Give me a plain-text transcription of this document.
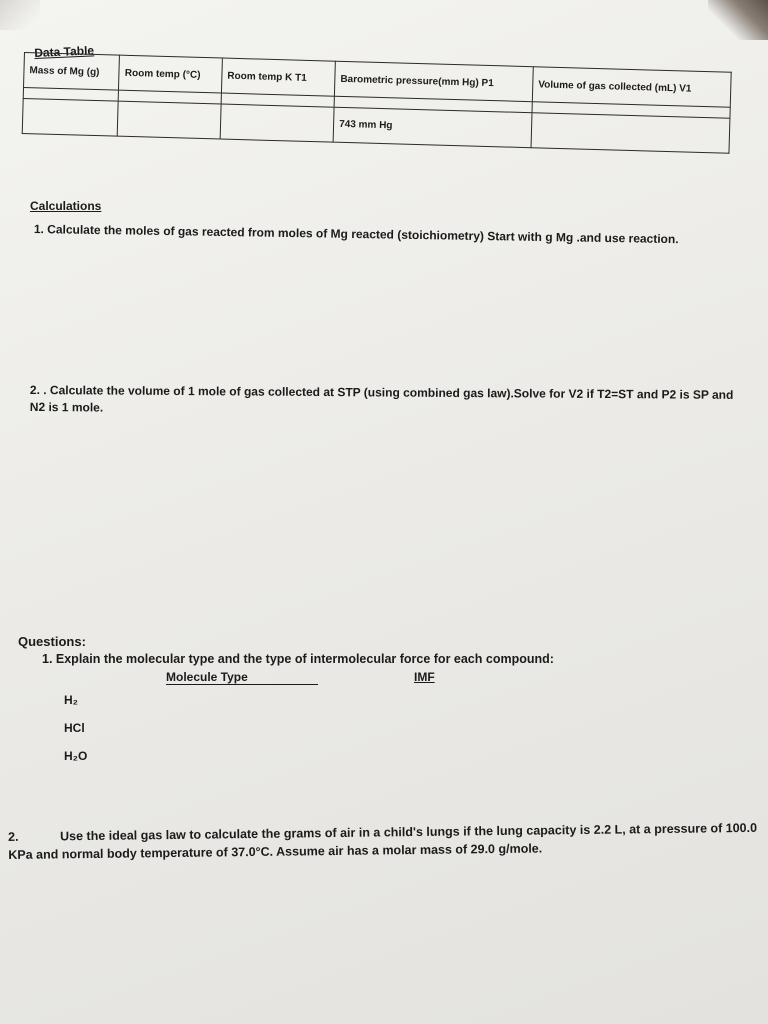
Data Table
Mass of Mg (g)	Room temp (°C)	Room temp K T1	Barometric pressure(mm Hg) P1	Volume of gas collected (mL) V1

			743 mm Hg	
Calculations
1. Calculate the moles of gas reacted from moles of Mg reacted (stoichiometry) Start with g Mg .and use reaction.
2. . Calculate the volume of 1 mole of gas collected at STP (using combined gas law).Solve for V2 if T2=ST and P2 is SP and N2 is 1 mole.
Questions:
1. Explain the molecular type and the type of intermolecular force for each compound:
Molecule Type	IMF
H₂
HCl
H₂O
2.	Use the ideal gas law to calculate the grams of air in a child's lungs if the lung capacity is 2.2 L, at a pressure of 100.0 KPa and normal body temperature of 37.0°C. Assume air has a molar mass of 29.0 g/mole.
